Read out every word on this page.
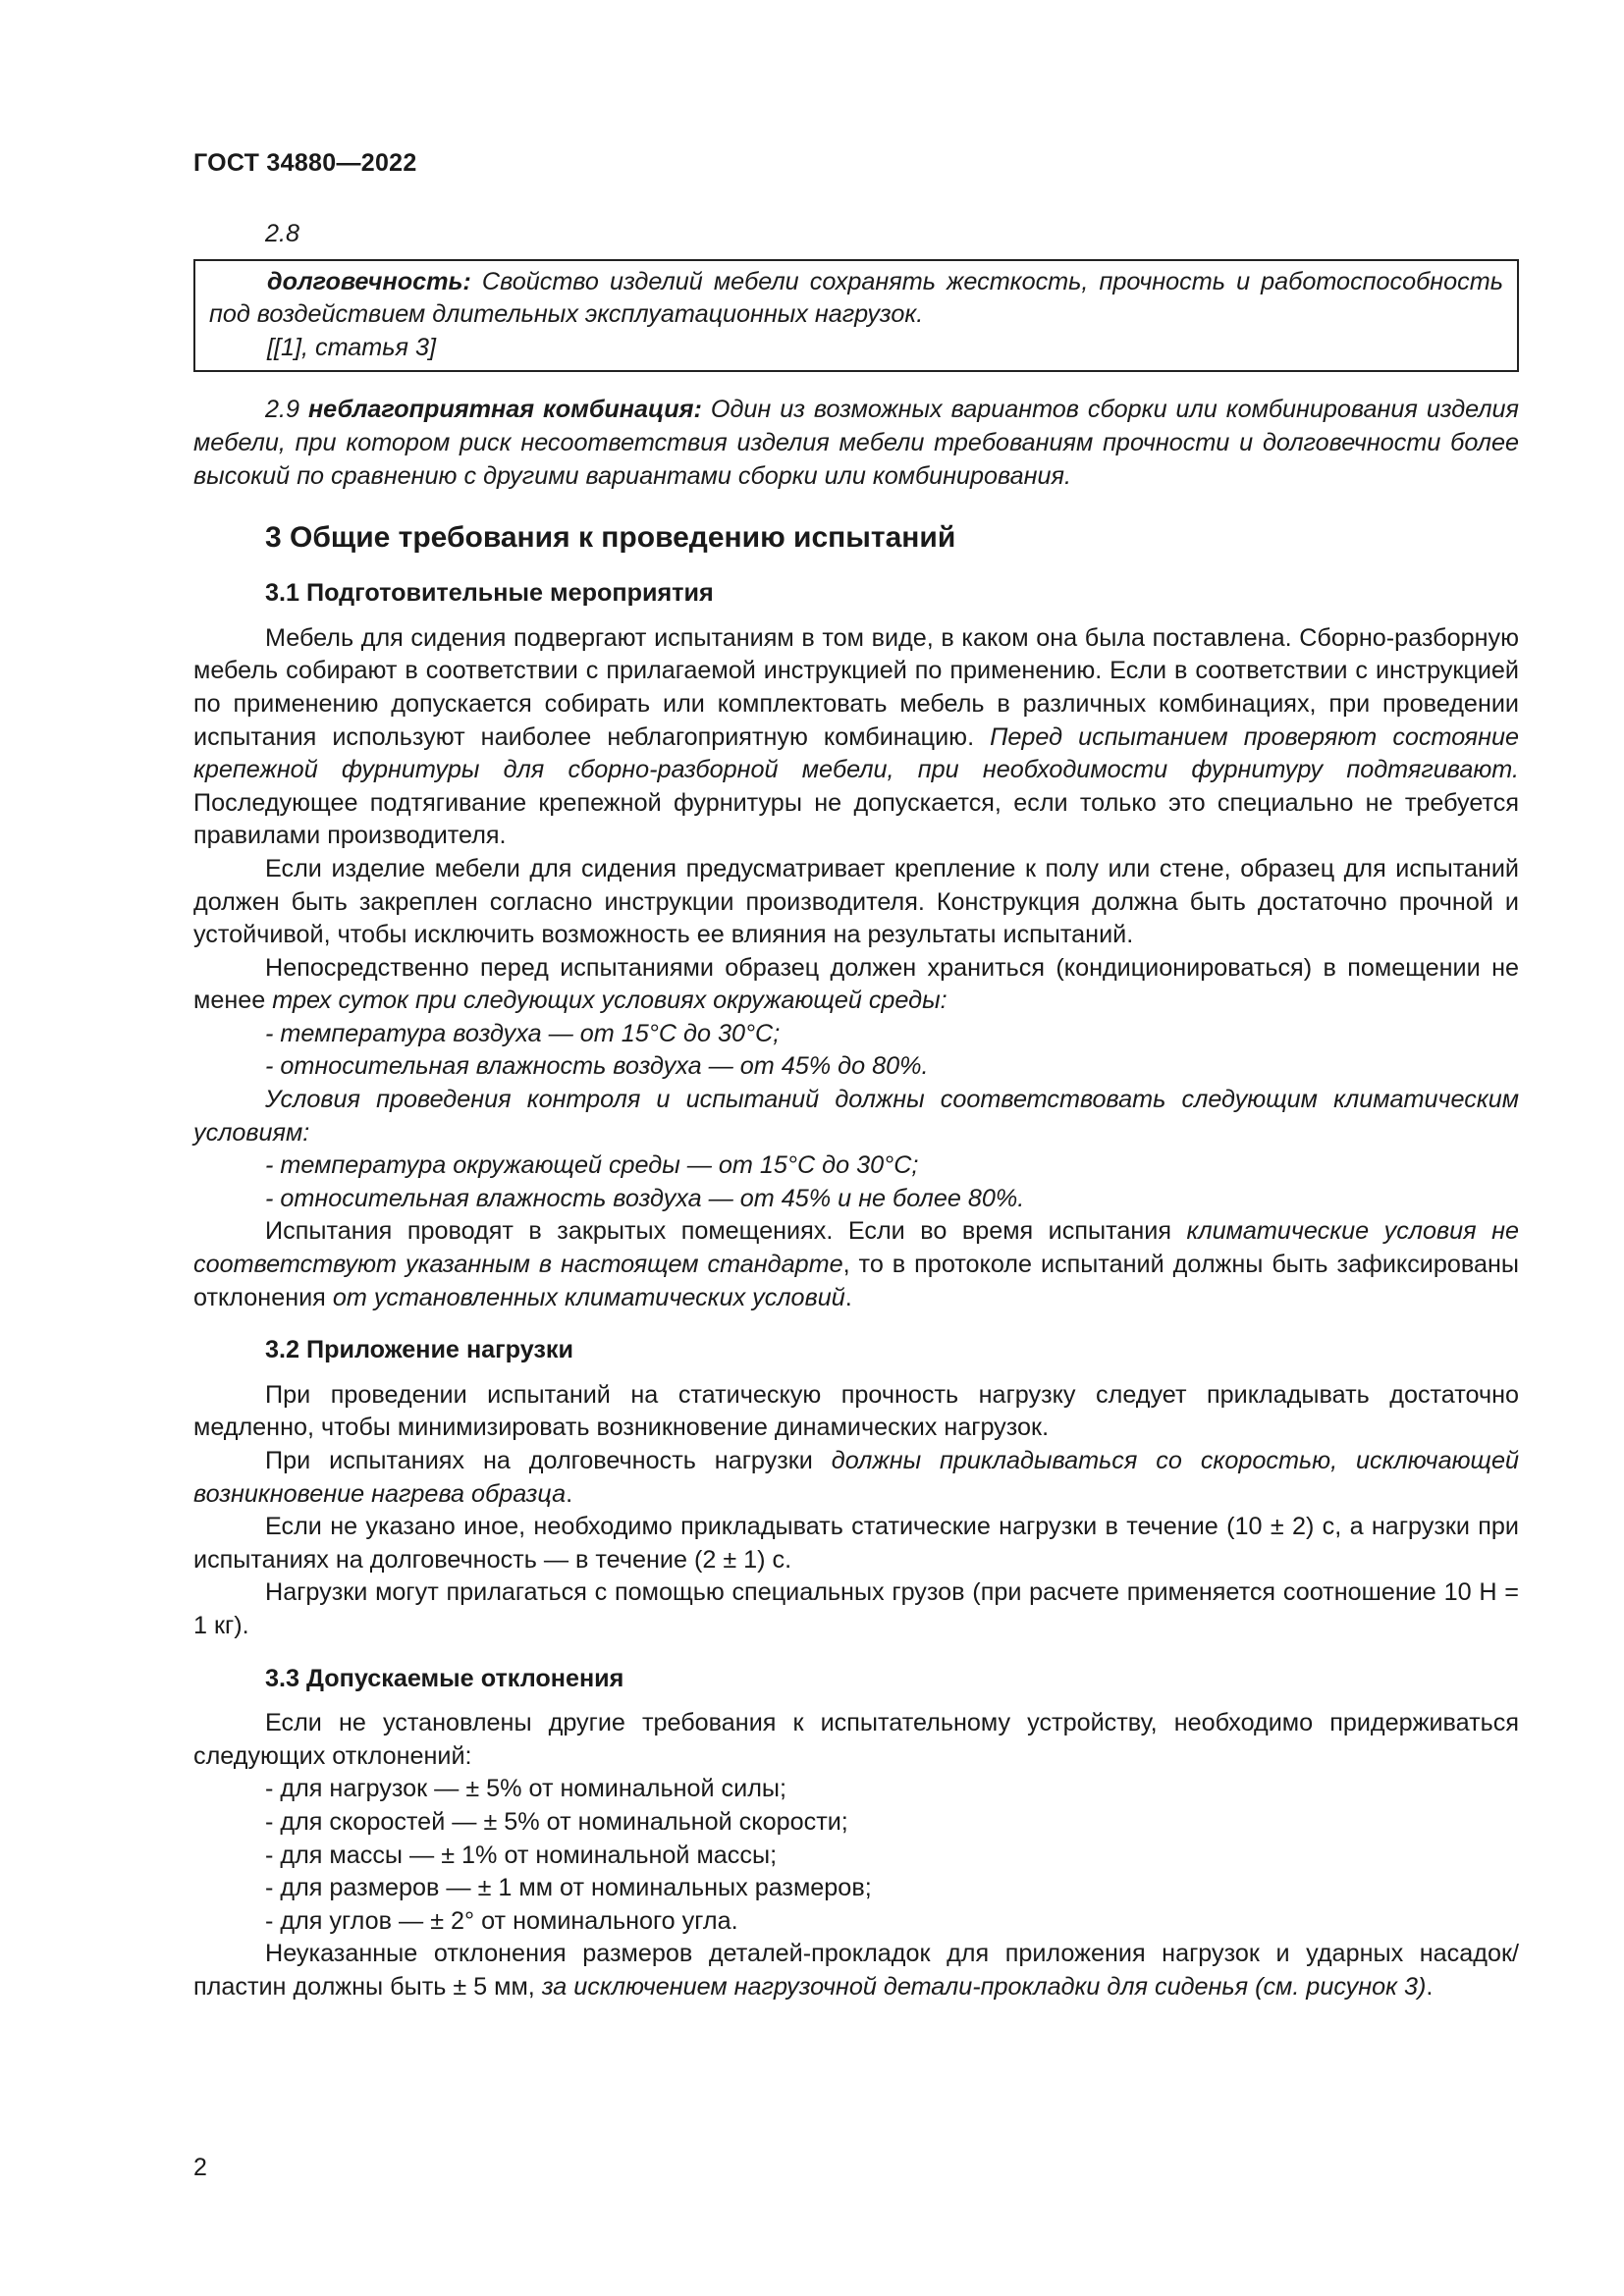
ГОСТ 34880—2022

2.8

долговечность: Свойство изделий мебели сохранять жесткость, прочность и работоспособность под воздействием длительных эксплуатационных нагрузок.

[[1], статья 3]

2.9 неблагоприятная комбинация: Один из возможных вариантов сборки или комбинирования изделия мебели, при котором риск несоответствия изделия мебели требованиям прочности и долговечности более высокий по сравнению с другими вариантами сборки или комбинирования.

3 Общие требования к проведению испытаний
3.1 Подготовительные мероприятия

Мебель для сидения подвергают испытаниям в том виде, в каком она была поставлена. Сборно-разборную мебель собирают в соответствии с прилагаемой инструкцией по применению. Если в соответствии с инструкцией по применению допускается собирать или комплектовать мебель в различных комбинациях, при проведении испытания используют наиболее неблагоприятную комбинацию. Перед испытанием проверяют состояние крепежной фурнитуры для сборно-разборной мебели, при необходимости фурнитуру подтягивают. Последующее подтягивание крепежной фурнитуры не допускается, если только это специально не требуется правилами производителя.

Если изделие мебели для сидения предусматривает крепление к полу или стене, образец для испытаний должен быть закреплен согласно инструкции производителя. Конструкция должна быть достаточно прочной и устойчивой, чтобы исключить возможность ее влияния на результаты испытаний.

Непосредственно перед испытаниями образец должен храниться (кондиционироваться) в помещении не менее трех суток при следующих условиях окружающей среды:

- температура воздуха — от 15°С до 30°С;

- относительная влажность воздуха — от 45% до 80%.

Условия проведения контроля и испытаний должны соответствовать следующим климатическим условиям:

- температура окружающей среды — от 15°С до 30°С;

- относительная влажность воздуха — от 45% и не более 80%.

Испытания проводят в закрытых помещениях. Если во время испытания климатические условия не соответствуют указанным в настоящем стандарте, то в протоколе испытаний должны быть зафиксированы отклонения от установленных климатических условий.

3.2 Приложение нагрузки

При проведении испытаний на статическую прочность нагрузку следует прикладывать достаточно медленно, чтобы минимизировать возникновение динамических нагрузок.

При испытаниях на долговечность нагрузки должны прикладываться со скоростью, исключающей возникновение нагрева образца.

Если не указано иное, необходимо прикладывать статические нагрузки в течение (10 ± 2) с, а нагрузки при испытаниях на долговечность — в течение (2 ± 1) с.

Нагрузки могут прилагаться с помощью специальных грузов (при расчете применяется соотношение 10 Н = 1 кг).

3.3 Допускаемые отклонения

Если не установлены другие требования к испытательному устройству, необходимо придерживаться следующих отклонений:

- для нагрузок — ± 5% от номинальной силы;

- для скоростей — ± 5% от номинальной скорости;

- для массы — ± 1% от номинальной массы;

- для размеров — ± 1 мм от номинальных размеров;

- для углов — ± 2° от номинального угла.

Неуказанные отклонения размеров деталей-прокладок для приложения нагрузок и ударных насадок/пластин должны быть ± 5 мм, за исключением нагрузочной детали-прокладки для сиденья (см. рисунок 3).

2
